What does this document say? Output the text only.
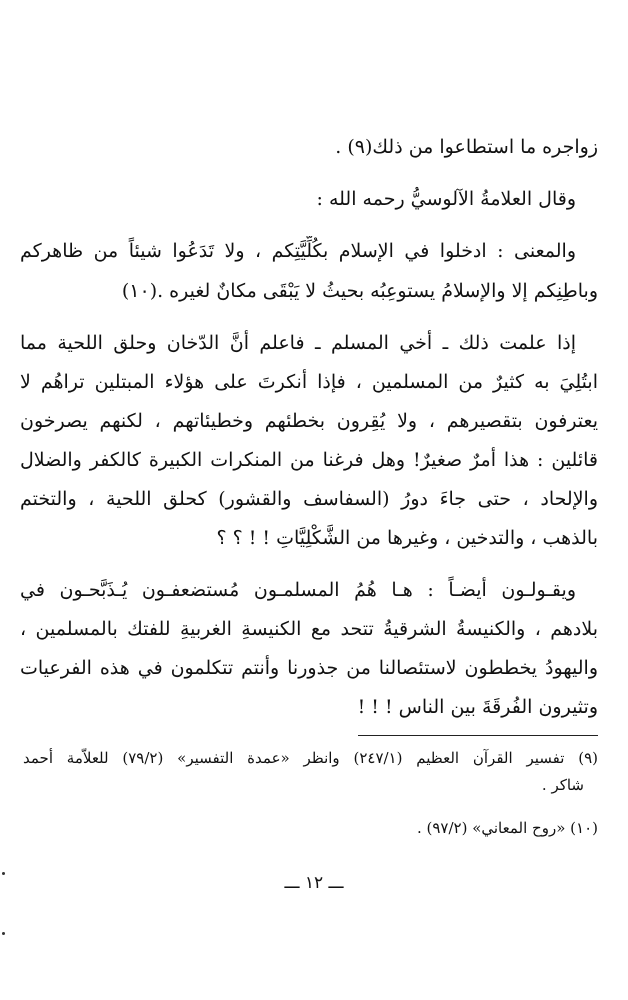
زواجره ما استطاعوا من ذلك(٩) .
وقال العلامةُ الآلوسيُّ رحمه الله :
والمعنى : ادخلوا في الإسلام بكُلِّيَّتِكم ، ولا تَدَعُوا شيئاً من ظاهركم
وباطِنِكم إلا والإسلامُ يستوعِبُه بحيثُ لا يَبْقَى مكانٌ لغيره .(١٠)
إذا علمت ذلك ـ أخي المسلم ـ فاعلم أنَّ الدّخان وحلق اللحية مما
ابتُلِيَ به كثيرٌ من المسلمين ، فإذا أنكرتَ على هؤلاء المبتلين تراهُم لا
يعترفون بتقصيرهم ، ولا يُقِرون بخطئهم وخطيئاتهم ، لكنهم يصرخون
قائلين : هذا أمرٌ صغيرٌ! وهل فرغنا من المنكرات الكبيرة كالكفر والضلال
والإلحاد ، حتى جاءَ دورُ (السفاسف والقشور) كحلق اللحية ، والتختم
بالذهب ، والتدخين ، وغيرها من الشَّكْلِيَّاتِ ! ! ؟ ؟
ويقـولـون أيضـاً : هـا هُمُ المسلمـون مُستضعفـون يُـذَبَّحـون في
بلادهم ، والكنيسةُ الشرقيةُ تتحد مع الكنيسةِ الغربيةِ للفتك بالمسلمين ،
واليهودُ يخططون لاستئصالنا من جذورنا وأنتم تتكلمون في هذه الفرعيات
وتثيرون الفُرقَةَ بين الناس ! ! !
(٩) تفسير القرآن العظيم (٢٤٧/١) وانظر «عمدة التفسير» (٧٩/٢) للعلاّمة أحمد
شاكر .
(١٠) «روح المعاني» (٩٧/٢) .
ـــ ١٢ ـــ
